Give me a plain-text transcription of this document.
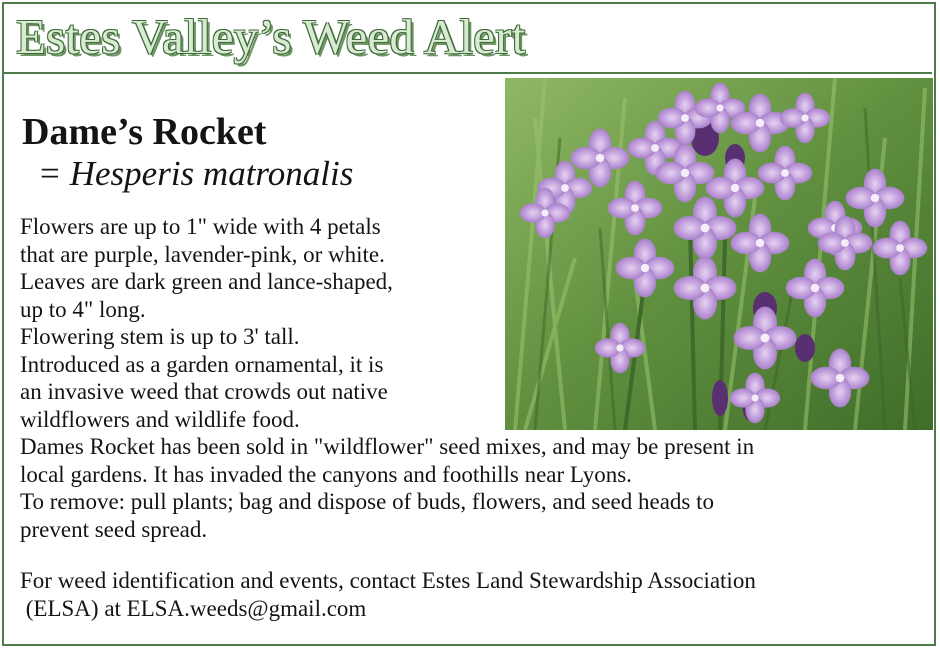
Estes Valley’s Weed Alert
Dame’s Rocket

= Hesperis matronalis

Flowers are up to 1" wide with 4 petals
that are purple, lavender-pink, or white.
Leaves are dark green and lance-shaped,
up to 4" long.
Flowering stem is up to 3' tall.
Introduced as a garden ornamental, it is
an invasive weed that crowds out native
wildflowers and wildlife food.

Dames Rocket has been sold in "wildflower" seed mixes, and may be present in
local gardens. It has invaded the canyons and foothills near Lyons.
To remove: pull plants; bag and dispose of buds, flowers, and seed heads to
prevent seed spread.

For weed identification and events, contact Estes Land Stewardship Association
(ELSA) at ELSA.weeds@gmail.com
